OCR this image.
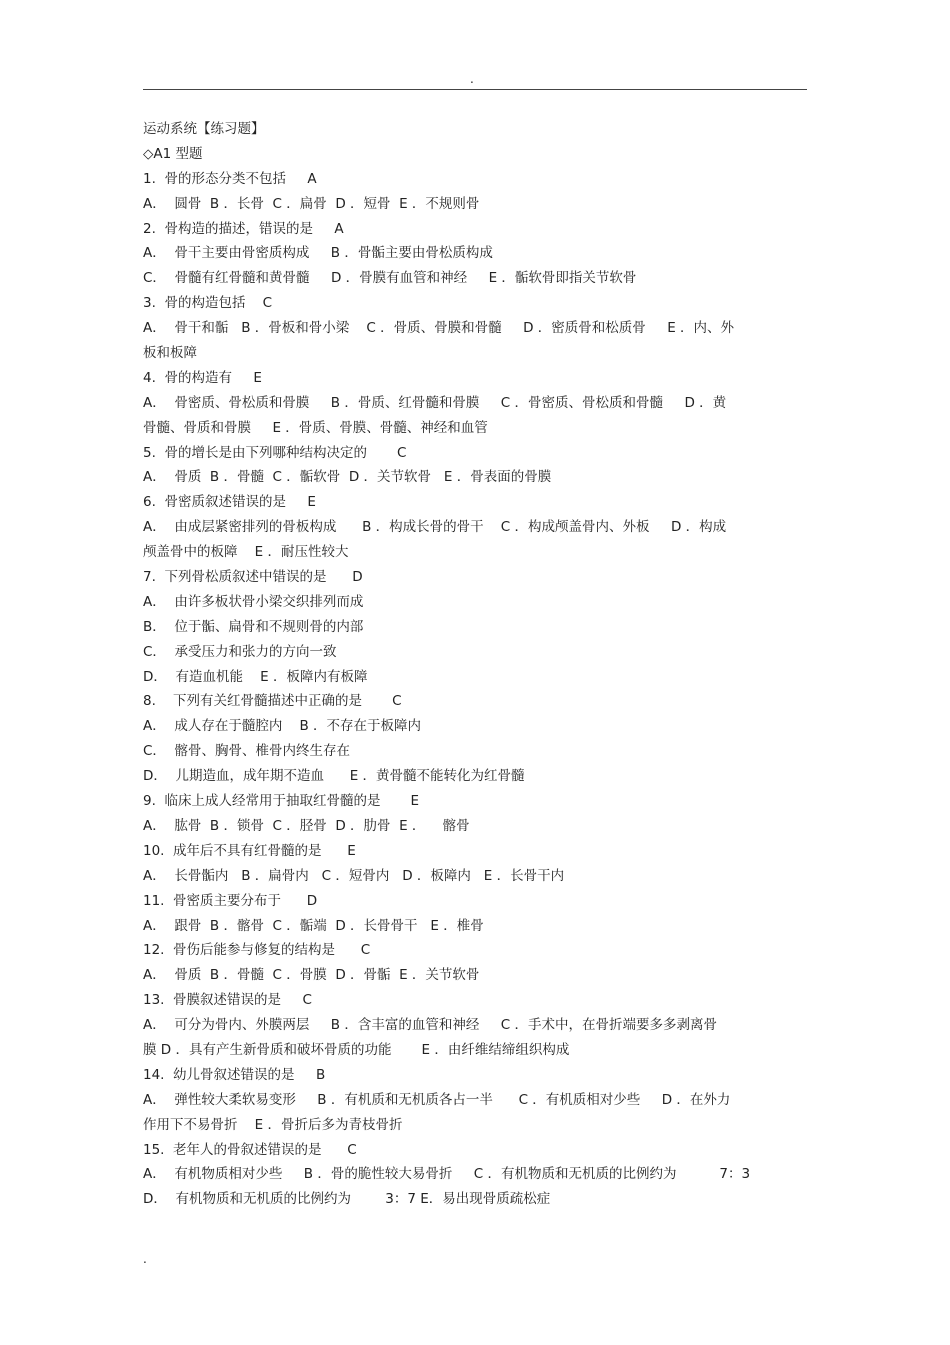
.
运动系统【练习题】
◇A1 型题
1.  骨的形态分类不包括     A
A．  圆骨  B ．长骨  C ．扁骨  D ．短骨  E ．不规则骨
2.  骨构造的描述，错误的是     A
A．  骨干主要由骨密质构成     B ．骨骺主要由骨松质构成
C．  骨髓有红骨髓和黄骨髓     D ．骨膜有血管和神经     E ．骺软骨即指关节软骨
3.  骨的构造包括    C
A．  骨干和骺   B ．骨板和骨小梁    C ．骨质、骨膜和骨髓     D ．密质骨和松质骨     E ．内、外
板和板障
4.  骨的构造有     E
A．  骨密质、骨松质和骨膜     B ．骨质、红骨髓和骨膜     C ．骨密质、骨松质和骨髓     D ．黄
骨髓、骨质和骨膜     E ．骨质、骨膜、骨髓、神经和血管
5.  骨的增长是由下列哪种结构决定的       C
A．  骨质  B ．骨髓  C ．骺软骨  D ．关节软骨   E ．骨表面的骨膜
6.  骨密质叙述错误的是     E
A．  由成层紧密排列的骨板构成      B ．构成长骨的骨干    C ．构成颅盖骨内、外板     D ．构成
颅盖骨中的板障    E ．耐压性较大
7.  下列骨松质叙述中错误的是      D
A．  由许多板状骨小梁交织排列而成
B．  位于骺、扁骨和不规则骨的内部
C．  承受压力和张力的方向一致
D．  有造血机能    E ．板障内有板障
8.    下列有关红骨髓描述中正确的是       C
A．  成人存在于髓腔内    B ．不存在于板障内
C．  髂骨、胸骨、椎骨内终生存在
D．  儿期造血，成年期不造血      E ．黄骨髓不能转化为红骨髓
9.  临床上成人经常用于抽取红骨髓的是       E
A．  肱骨  B ．锁骨  C ．胫骨  D ．肋骨  E ．    髂骨
10.  成年后不具有红骨髓的是      E
A．  长骨骺内   B ．扁骨内   C ．短骨内   D ．板障内   E ．长骨干内
11.  骨密质主要分布于      D
A．  跟骨  B ．髂骨  C ．骺端  D ．长骨骨干   E ．椎骨
12.  骨伤后能参与修复的结构是      C
A．  骨质  B ．骨髓  C ．骨膜  D ．骨骺  E ．关节软骨
13.  骨膜叙述错误的是     C
A．  可分为骨内、外膜两层     B ．含丰富的血管和神经     C ．手术中，在骨折端要多多剥离骨
膜 D ．具有产生新骨质和破坏骨质的功能       E ．由纤维结缔组织构成
14.  幼儿骨叙述错误的是     B
A．  弹性较大柔软易变形     B ．有机质和无机质各占一半      C ．有机质相对少些     D ．在外力
作用下不易骨折    E ．骨折后多为青枝骨折
15.  老年人的骨叙述错误的是      C
A．  有机物质相对少些     B ．骨的脆性较大易骨折     C ．有机物质和无机质的比例约为          7：3
D．  有机物质和无机质的比例约为        3：7 E．易出现骨质疏松症
.
